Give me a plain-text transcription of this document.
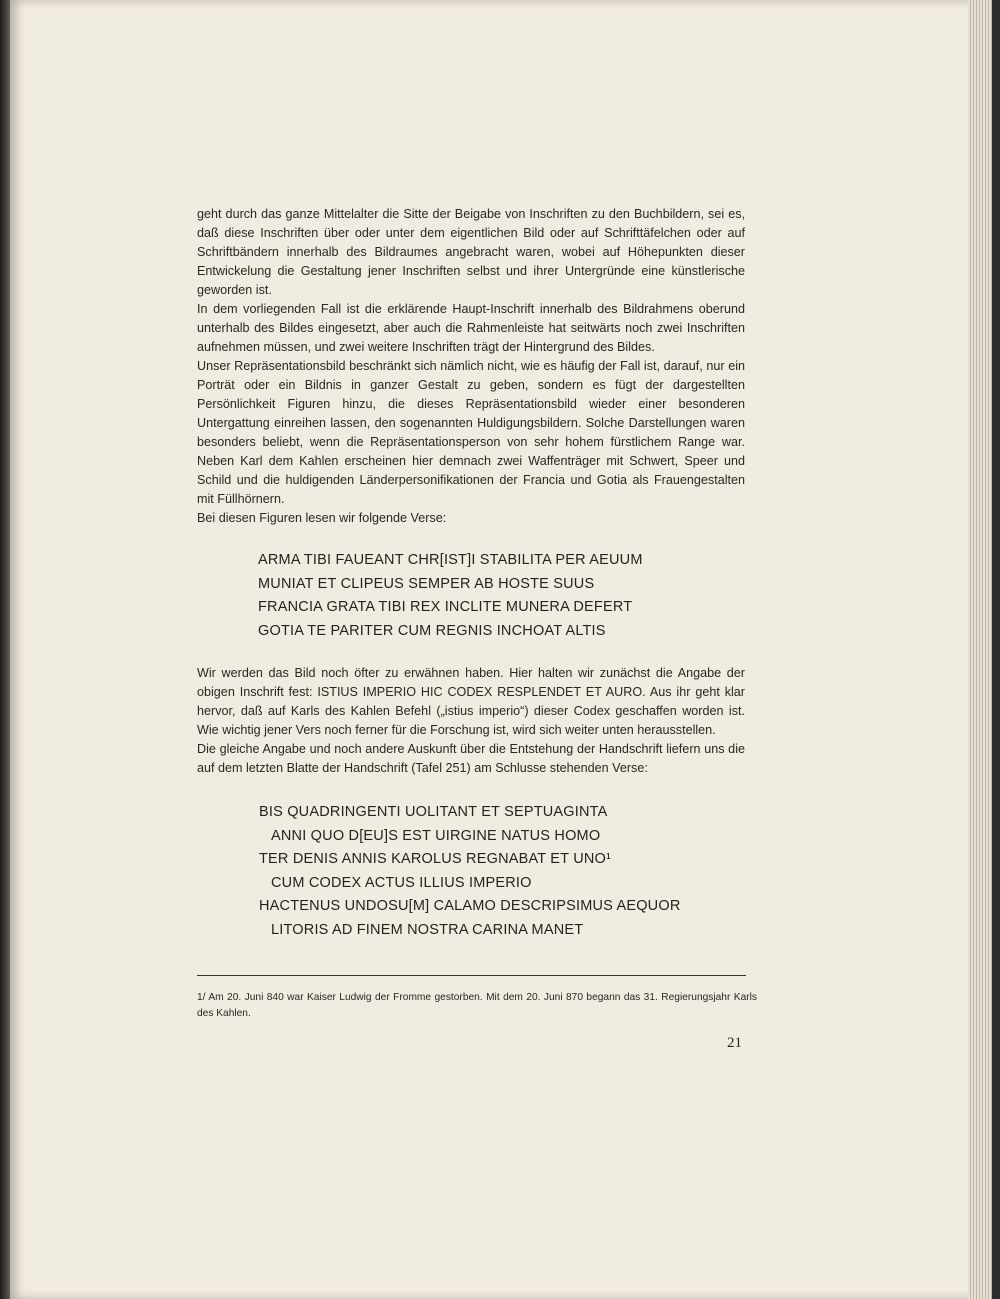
geht durch das ganze Mittelalter die Sitte der Beigabe von Inschriften zu den Buchbildern, sei es, daß diese Inschriften über oder unter dem eigentlichen Bild oder auf Schrifttäfelchen oder auf Schriftbändern innerhalb des Bildraumes angebracht waren, wobei auf Höhepunkten dieser Entwickelung die Gestaltung jener Inschriften selbst und ihrer Untergründe eine künstlerische geworden ist.

In dem vorliegenden Fall ist die erklärende Haupt-Inschrift innerhalb des Bildrahmens oberund unterhalb des Bildes eingesetzt, aber auch die Rahmenleiste hat seitwärts noch zwei Inschriften aufnehmen müssen, und zwei weitere Inschriften trägt der Hintergrund des Bildes.

Unser Repräsentationsbild beschränkt sich nämlich nicht, wie es häufig der Fall ist, darauf, nur ein Porträt oder ein Bildnis in ganzer Gestalt zu geben, sondern es fügt der dargestellten Persönlichkeit Figuren hinzu, die dieses Repräsentationsbild wieder einer besonderen Untergattung einreihen lassen, den sogenannten Huldigungsbildern. Solche Darstellungen waren besonders beliebt, wenn die Repräsentationsperson von sehr hohem fürstlichem Range war. Neben Karl dem Kahlen erscheinen hier demnach zwei Waffenträger mit Schwert, Speer und Schild und die huldigenden Länderpersonifikationen der Francia und Gotia als Frauengestalten mit Füllhörnern.

Bei diesen Figuren lesen wir folgende Verse:

ARMA TIBI FAUEANT CHR[IST]I STABILITA PER AEUUM
MUNIAT ET CLIPEUS SEMPER AB HOSTE SUUS
FRANCIA GRATA TIBI REX INCLITE MUNERA DEFERT
GOTIA TE PARITER CUM REGNIS INCHOAT ALTIS

Wir werden das Bild noch öfter zu erwähnen haben. Hier halten wir zunächst die Angabe der obigen Inschrift fest: ISTIUS IMPERIO HIC CODEX RESPLENDET ET AURO. Aus ihr geht klar hervor, daß auf Karls des Kahlen Befehl („istius imperio“) dieser Codex geschaffen worden ist. Wie wichtig jener Vers noch ferner für die Forschung ist, wird sich weiter unten herausstellen.

Die gleiche Angabe und noch andere Auskunft über die Entstehung der Handschrift liefern uns die auf dem letzten Blatte der Handschrift (Tafel 251) am Schlusse stehenden Verse:

BIS QUADRINGENTI UOLITANT ET SEPTUAGINTA
ANNI QUO D[EU]S EST UIRGINE NATUS HOMO
TER DENIS ANNIS KAROLUS REGNABAT ET UNO¹
CUM CODEX ACTUS ILLIUS IMPERIO
HACTENUS UNDOSU[M] CALAMO DESCRIPSIMUS AEQUOR
LITORIS AD FINEM NOSTRA CARINA MANET
1/ Am 20. Juni 840 war Kaiser Ludwig der Fromme gestorben. Mit dem 20. Juni 870 begann das 31. Regierungsjahr Karls des Kahlen.
21
